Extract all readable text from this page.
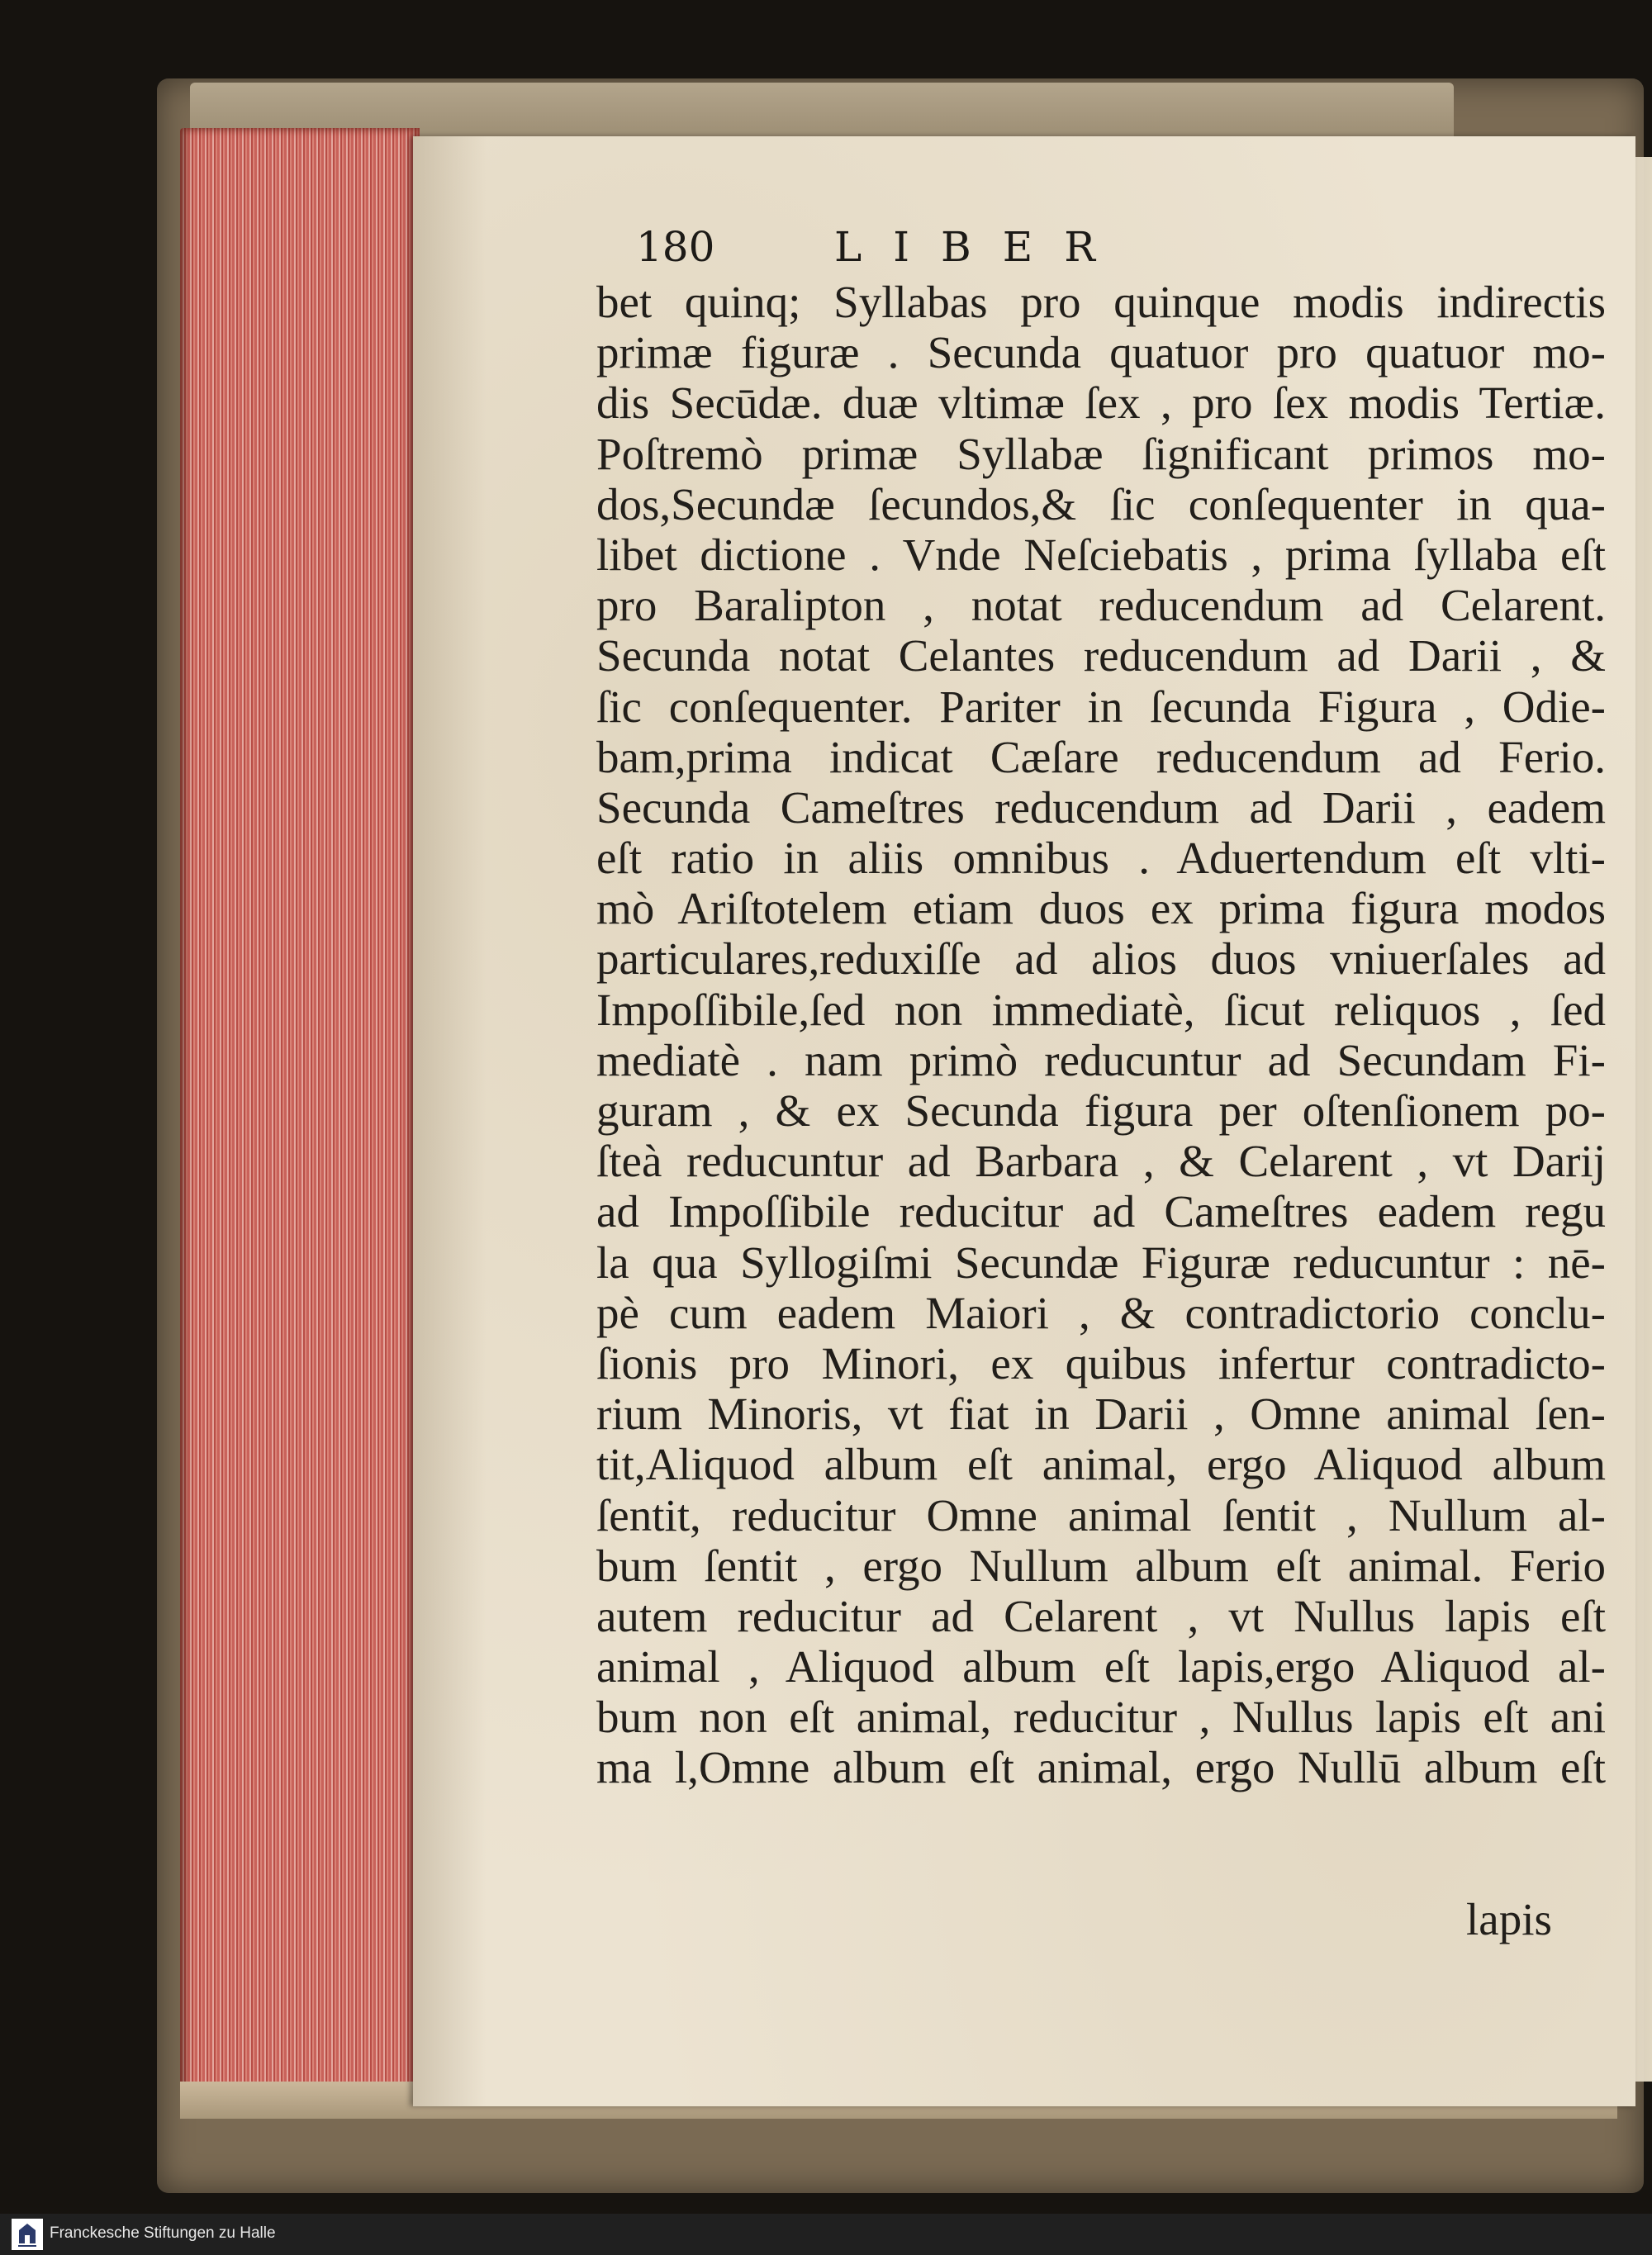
180	LIBER
bet quinq; Syllabas pro quinque modis indirectis
primæ figuræ . Secunda quatuor pro quatuor mo-
dis Secūdæ. duæ vltimæ ſex , pro ſex modis Tertiæ.
Poſtremò primæ Syllabæ ſignificant primos mo-
dos,Secundæ ſecundos,& ſic conſequenter in qua-
libet dictione . Vnde Neſciebatis , prima ſyllaba eſt
pro Baralipton , notat reducendum ad Celarent.
Secunda notat Celantes reducendum ad Darii , &
ſic conſequenter. Pariter in ſecunda Figura , Odie-
bam,prima indicat Cæſare reducendum ad Ferio.
Secunda Cameſtres reducendum ad Darii , eadem
eſt ratio in aliis omnibus . Aduertendum eſt vlti-
mò Ariſtotelem etiam duos ex prima figura modos
particulares,reduxiſſe ad alios duos vniuerſales ad
Impoſſibile,ſed non immediatè, ſicut reliquos , ſed
mediatè . nam primò reducuntur ad Secundam Fi-
guram , & ex Secunda figura per oſtenſionem po-
ſteà reducuntur ad Barbara , & Celarent , vt Darij
ad Impoſſibile reducitur ad Cameſtres eadem regu
la qua Syllogiſmi Secundæ Figuræ reducuntur : nē-
pè cum eadem Maiori , & contradictorio conclu-
ſionis pro Minori, ex quibus infertur contradicto-
rium Minoris, vt fiat in Darii , Omne animal ſen-
tit,Aliquod album eſt animal, ergo Aliquod album
ſentit, reducitur Omne animal ſentit , Nullum al-
bum ſentit , ergo Nullum album eſt animal. Ferio
autem reducitur ad Celarent , vt Nullus lapis eſt
animal , Aliquod album eſt lapis,ergo Aliquod al-
bum non eſt animal, reducitur , Nullus lapis eſt ani
ma l,Omne album eſt animal, ergo Nullū album eſt
lapis
Franckesche Stiftungen zu Halle
